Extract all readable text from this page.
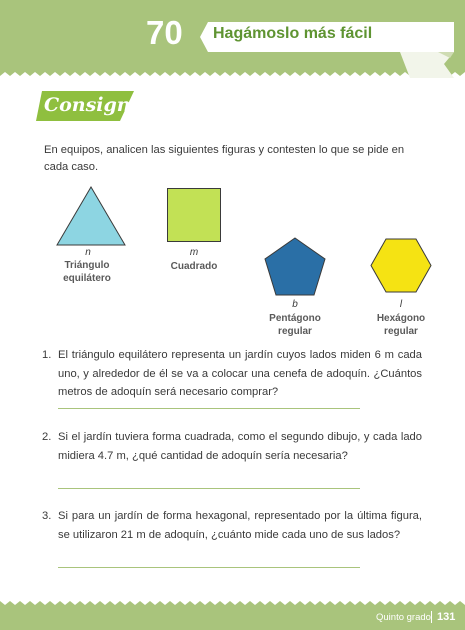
70 Hagámoslo más fácil
Consigna
En equipos, analicen las siguientes figuras y contesten lo que se pide en cada caso.
n
Triángulo equilátero
m
Cuadrado
b
Pentágono regular
l
Hexágono regular
1. El triángulo equilátero representa un jardín cuyos lados miden 6 m cada uno, y alrededor de él se va a colocar una cenefa de adoquín. ¿Cuántos metros de adoquín será necesario comprar?
2. Si el jardín tuviera forma cuadrada, como el segundo dibujo, y cada lado midiera 4.7 m, ¿qué cantidad de adoquín sería necesaria?
3. Si para un jardín de forma hexagonal, representado por la última figura, se utilizaron 21 m de adoquín, ¿cuánto mide cada uno de sus lados?
Quinto grado 131
